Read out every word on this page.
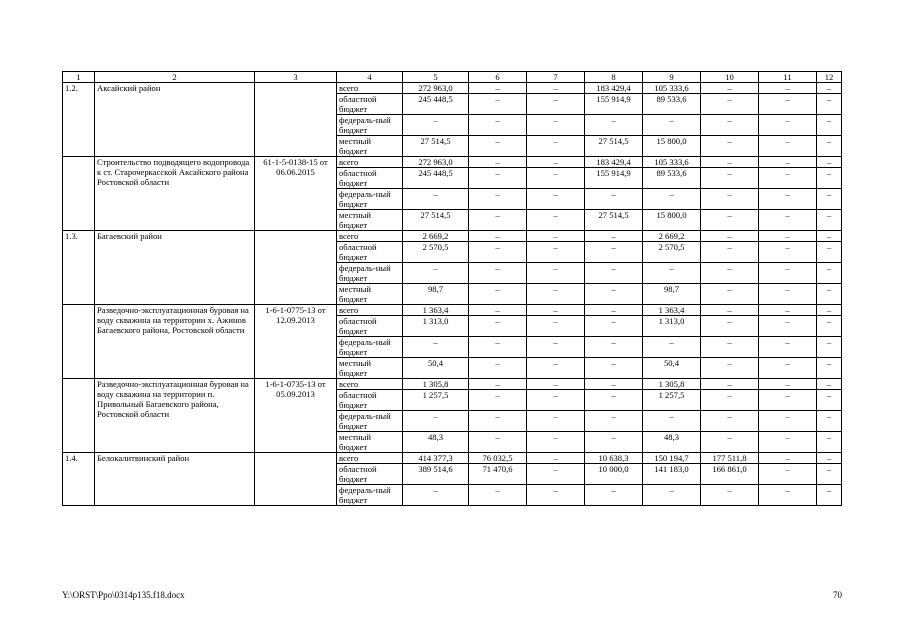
1	2	3	4	5	6	7	8	9	10	11	12
1.2.	Аксайский район		всего	272 963,0	–	–	183 429,4	105 333,6	–	–	–
			областной бюджет	245 448,5	–	–	155 914,9	89 533,6	–	–	–
			федераль-ный бюджет	–	–	–	–	–	–	–	–
			местный бюджет	27 514,5	–	–	27 514,5	15 800,0	–	–	–
	Строительство подводящего водопровода к ст. Старочеркасской Аксайского района Ростовской области	61-1-5-0138-15 от 06.06.2015	всего	272 963,0	–	–	183 429,4	105 333,6	–	–	–
			областной бюджет	245 448,5	–	–	155 914,9	89 533,6	–	–	–
			федераль-ный бюджет	–	–	–	–	–	–	–	–
			местный бюджет	27 514,5	–	–	27 514,5	15 800,0	–	–	–
1.3.	Багаевский район		всего	2 669,2	–	–	–	2 669,2	–	–	–
			областной бюджет	2 570,5	–	–	–	2 570,5	–	–	–
			федераль-ный бюджет	–	–	–	–	–	–	–	–
			местный бюджет	98,7	–	–	–	98,7	–	–	–
	Разведочно-эксплуатационная буровая на воду скважина на территории х. Ажинов Багаевского района, Ростовской области	1-6-1-0775-13 от 12.09.2013	всего	1 363,4	–	–	–	1 363,4	–	–	–
			областной бюджет	1 313,0	–	–	–	1 313,0	–	–	–
			федераль-ный бюджет	–	–	–	–	–	–	–	–
			местный бюджет	50,4	–	–	–	50,4	–	–	–
	Разведочно-эксплуатационная буровая на воду скважина на территории п. Привольный Багаевского района, Ростовской области	1-6-1-0735-13 от 05.09.2013	всего	1 305,8	–	–	–	1 305,8	–	–	–
			областной бюджет	1 257,5	–	–	–	1 257,5	–	–	–
			федераль-ный бюджет	–	–	–	–	–	–	–	–
			местный бюджет	48,3	–	–	–	48,3	–	–	–
1.4.	Белокалитвинский район		всего	414 377,3	76 032,5	–	10 638,3	150 194,7	177 511,8	–	–
			областной бюджет	389 514,6	71 470,6	–	10 000,0	141 183,0	166 861,0	–	–
			федераль-ный бюджет	–	–	–	–	–	–	–	–
Y:\ORST\Ppo\0314p135.f18.docx	70
